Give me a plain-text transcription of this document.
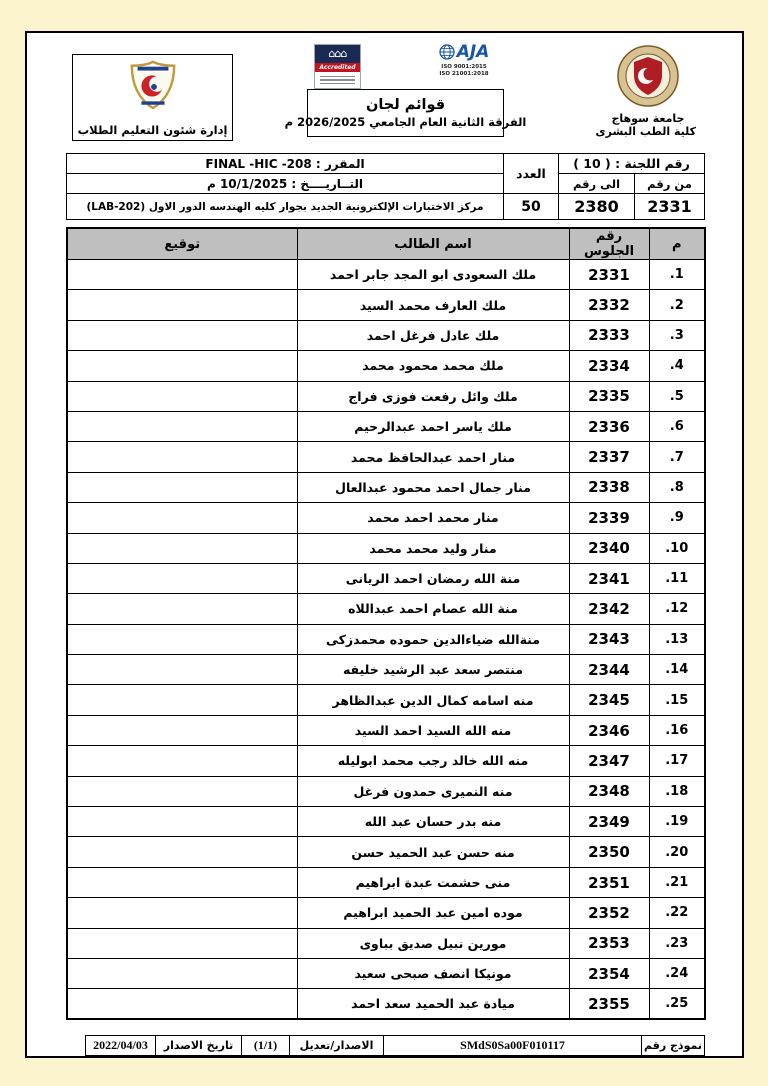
إدارة شئون التعليم الطلاب
⌂⌂⌂
Accredited
AJA
ISO 9001:2015
ISO 21001:2018
قوائم لجان
الفرقة الثانية العام الجامعي 2026/2025 م	جامعة سوهاج
كلية الطب البشرى
رقم اللجنة : ( 10 )		العدد	المقرر : FINAL -HIC -208
من رقم	الى رقم		التــاريــــخ : 10/1/2025 م
2331	2380	50	مركز الاختبارات الإلكترونية الجديد بجوار كليه الهندسه الدور الاول (LAB-202)
م	رقم الجلوس	اسم الطالب	توقيع
1.	2331	ملك السعودى ابو المجد جابر احمد	
2.	2332	ملك العارف محمد السيد	
3.	2333	ملك عادل فرغل احمد	
4.	2334	ملك محمد محمود محمد	
5.	2335	ملك وائل رفعت فوزى فراج	
6.	2336	ملك ياسر احمد عبدالرحيم	
7.	2337	منار احمد عبدالحافظ محمد	
8.	2338	منار جمال احمد محمود عبدالعال	
9.	2339	منار محمد احمد محمد	
10.	2340	منار وليد محمد محمد	
11.	2341	منة الله رمضان احمد الريانى	
12.	2342	منة الله عصام احمد عبداللاه	
13.	2343	منةالله ضياءالدين حموده محمدزكى	
14.	2344	منتصر سعد عبد الرشيد خليفه	
15.	2345	منه اسامه كمال الدين عبدالظاهر	
16.	2346	منه الله السيد احمد السيد	
17.	2347	منه الله خالد رجب محمد ابوليله	
18.	2348	منه النميرى حمدون فرغل	
19.	2349	منه بدر حسان عبد الله	
20.	2350	منه حسن عبد الحميد حسن	
21.	2351	منى حشمت عبدة ابراهيم	
22.	2352	موده امين عبد الحميد ابراهيم	
23.	2353	مورين نبيل صديق بباوى	
24.	2354	مونيكا انصف صبحى سعيد	
25.	2355	ميادة عبد الحميد سعد احمد	
نموذج رقم	SMdS0Sa00F010117	الاصدار/تعديل	(1/1)	تاريخ الاصدار	2022/04/03
